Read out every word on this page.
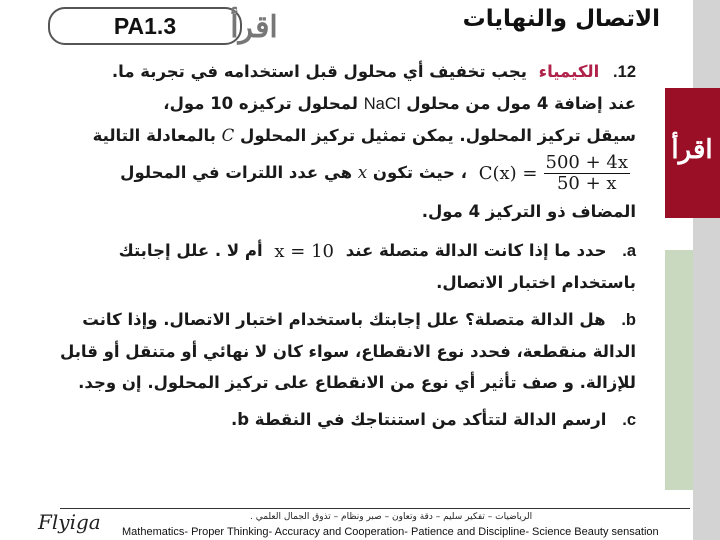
اقرأ
PA1.3	اقرأ	الاتصال والنهايات

12. الكيمياء يجب تخفيف أي محلول قبل استخدامه في تجربة ما.

عند إضافة 4 مول من محلول NaCl لمحلول تركيزه 10 مول،

سيقل تركيز المحلول. يمكن تمثيل تركيز المحلول C بالمعادلة التالية

$C(x) = \frac{500 + 4x}{50 + x}$
، حيث تكون x هي عدد اللترات في المحلول

المضاف ذو التركيز 4 مول.

a. حدد ما إذا كانت الدالة متصلة عند x = 10 أم لا . علل إجابتك باستخدام اختبار الاتصال.
b. هل الدالة متصلة؟ علل إجابتك باستخدام اختبار الاتصال. وإذا كانت الدالة منقطعة، فحدد نوع الانقطاع، سواء كان لا نهائي أو متنقل أو قابل للإزالة. و صف تأثير أي نوع من الانقطاع على تركيز المحلول. إن وجد.
c. ارسم الدالة لتتأكد من استنتاجك في النقطة b.
Flyiga	الرياضيات – تفكير سليم – دقة وتعاون – صبر ونظام – تذوق الجمال العلمي .
Mathematics- Proper Thinking- Accuracy and Cooperation- Patience and Discipline- Science Beauty sensation
